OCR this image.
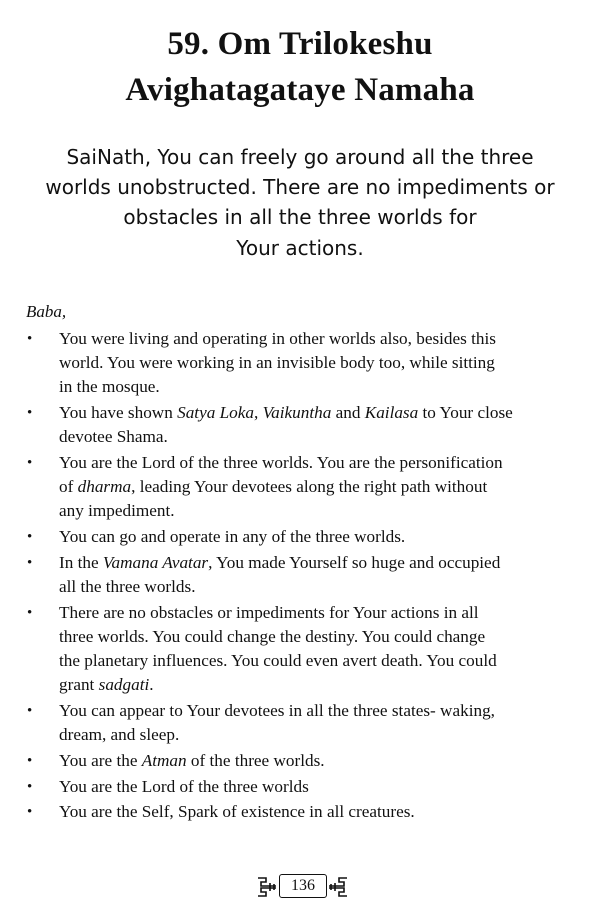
59. Om Trilokeshu
Avighatagataye Namaha
SaiNath, You can freely go around all the three
worlds unobstructed. There are no impediments or
obstacles in all the three worlds for
Your actions.
Baba,
• You were living and operating in other worlds also, besides this
world. You were working in an invisible body too, while sitting
in the mosque.
• You have shown Satya Loka, Vaikuntha and Kailasa to Your close
devotee Shama.
• You are the Lord of the three worlds. You are the personification
of dharma, leading Your devotees along the right path without
any impediment.
• You can go and operate in any of the three worlds.
• In the Vamana Avatar, You made Yourself so huge and occupied
all the three worlds.
• There are no obstacles or impediments for Your actions in all
three worlds. You could change the destiny. You could change
the planetary influences. You could even avert death. You could
grant sadgati.
• You can appear to Your devotees in all the three states- waking,
dream, and sleep.
• You are the Atman of the three worlds.
• You are the Lord of the three worlds
• You are the Self, Spark of existence in all creatures.
136
